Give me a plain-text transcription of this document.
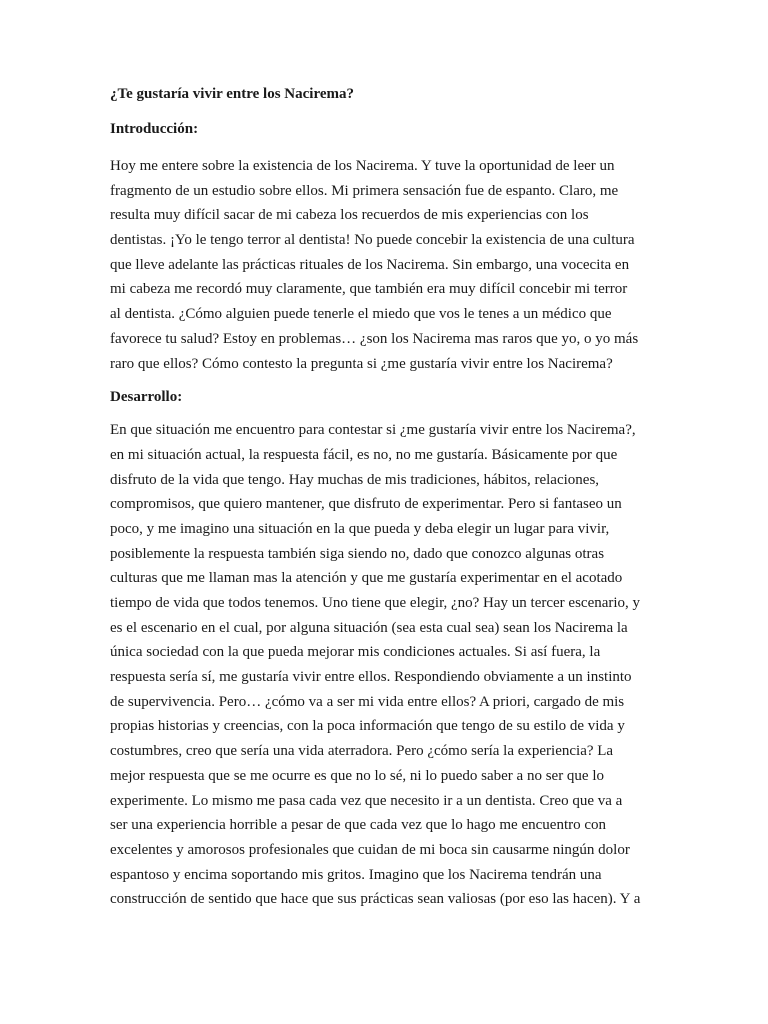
¿Te gustaría vivir entre los Nacirema?

Introducción:

Hoy me entere sobre la existencia de los Nacirema. Y tuve la oportunidad de leer un
fragmento de un estudio sobre ellos. Mi primera sensación fue de espanto. Claro, me
resulta muy difícil sacar de mi cabeza los recuerdos de mis experiencias con los
dentistas. ¡Yo le tengo terror al dentista! No puede concebir la existencia de una cultura
que lleve adelante las prácticas rituales de los Nacirema. Sin embargo, una vocecita en
mi cabeza me recordó muy claramente, que también era muy difícil concebir mi terror
al dentista. ¿Cómo alguien puede tenerle el miedo que vos le tenes a un médico que
favorece tu salud? Estoy en problemas… ¿son los Nacirema mas raros que yo, o yo más
raro que ellos? Cómo contesto la pregunta si ¿me gustaría vivir entre los Nacirema?

Desarrollo:

En que situación me encuentro para contestar si ¿me gustaría vivir entre los Nacirema?,
en mi situación actual, la respuesta fácil, es no, no me gustaría. Básicamente por que
disfruto de la vida que tengo. Hay muchas de mis tradiciones, hábitos, relaciones,
compromisos, que quiero mantener, que disfruto de experimentar. Pero si fantaseo un
poco, y me imagino una situación en la que pueda y deba elegir un lugar para vivir,
posiblemente la respuesta también siga siendo no, dado que conozco algunas otras
culturas que me llaman mas la atención y que me gustaría experimentar en el acotado
tiempo de vida que todos tenemos. Uno tiene que elegir, ¿no? Hay un tercer escenario, y
es el escenario en el cual, por alguna situación (sea esta cual sea) sean los Nacirema la
única sociedad con la que pueda mejorar mis condiciones actuales. Si así fuera, la
respuesta sería sí, me gustaría vivir entre ellos. Respondiendo obviamente a un instinto
de supervivencia. Pero… ¿cómo va a ser mi vida entre ellos? A priori, cargado de mis
propias historias y creencias, con la poca información que tengo de su estilo de vida y
costumbres, creo que sería una vida aterradora. Pero ¿cómo sería la experiencia? La
mejor respuesta que se me ocurre es que no lo sé, ni lo puedo saber a no ser que lo
experimente. Lo mismo me pasa cada vez que necesito ir a un dentista. Creo que va a
ser una experiencia horrible a pesar de que cada vez que lo hago me encuentro con
excelentes y amorosos profesionales que cuidan de mi boca sin causarme ningún dolor
espantoso y encima soportando mis gritos. Imagino que los Nacirema tendrán una
construcción de sentido que hace que sus prácticas sean valiosas (por eso las hacen). Y a
